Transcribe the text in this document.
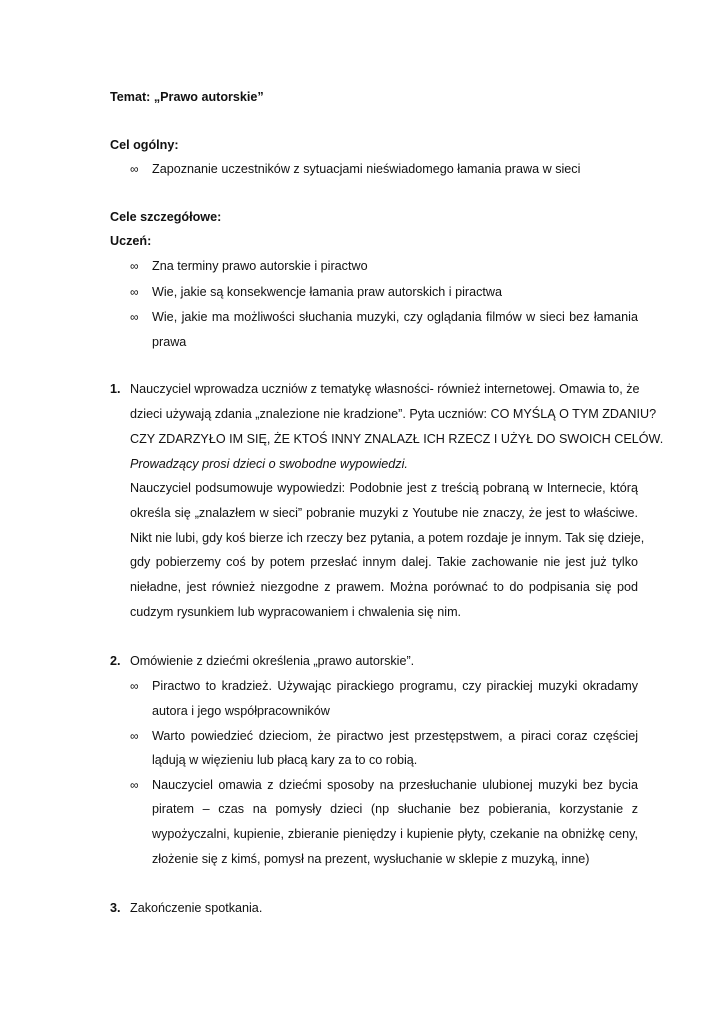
Temat: „Prawo autorskie”
Cel ogólny:
∞	Zapoznanie uczestników z sytuacjami nieświadomego łamania prawa w sieci
Cele szczegółowe:
Uczeń:
∞	Zna terminy prawo autorskie i piractwo
∞	Wie, jakie są konsekwencje łamania praw autorskich i piractwa
∞	Wie, jakie ma możliwości słuchania muzyki, czy oglądania filmów w sieci bez łamania
prawa
1. Nauczyciel wprowadza uczniów z tematykę własności- również internetowej. Omawia to, że
dzieci używają zdania „znalezione nie kradzione”. Pyta uczniów: CO MYŚLĄ O TYM ZDANIU?
CZY ZDARZYŁO IM SIĘ, ŻE KTOŚ INNY ZNALAZŁ ICH RZECZ I UŻYŁ DO SWOICH CELÓW.
Prowadzący prosi dzieci o swobodne wypowiedzi.
Nauczyciel podsumowuje wypowiedzi: Podobnie jest z treścią pobraną w Internecie, którą
określa się „znalazłem w sieci” pobranie muzyki z Youtube nie znaczy, że jest to właściwe.
Nikt nie lubi, gdy koś bierze ich rzeczy bez pytania, a potem rozdaje je innym. Tak się dzieje,
gdy pobierzemy coś by potem przesłać innym dalej. Takie zachowanie nie jest już tylko
nieładne, jest również niezgodne z prawem. Można porównać to do podpisania się pod
cudzym rysunkiem lub wypracowaniem i chwalenia się nim.
2. Omówienie z dziećmi określenia „prawo autorskie”.
∞	Piractwo to kradzież. Używając pirackiego programu, czy pirackiej muzyki okradamy
autora i jego współpracowników
∞	Warto powiedzieć dzieciom, że piractwo jest przestępstwem, a piraci coraz częściej
lądują w więzieniu lub płacą kary za to co robią.
∞	Nauczyciel omawia z dziećmi sposoby na przesłuchanie ulubionej muzyki bez bycia
piratem – czas na pomysły dzieci (np słuchanie bez pobierania, korzystanie z
wypożyczalni, kupienie, zbieranie pieniędzy i kupienie płyty, czekanie na obniżkę ceny,
złożenie się z kimś, pomysł na prezent, wysłuchanie w sklepie z muzyką, inne)
3. Zakończenie spotkania.
